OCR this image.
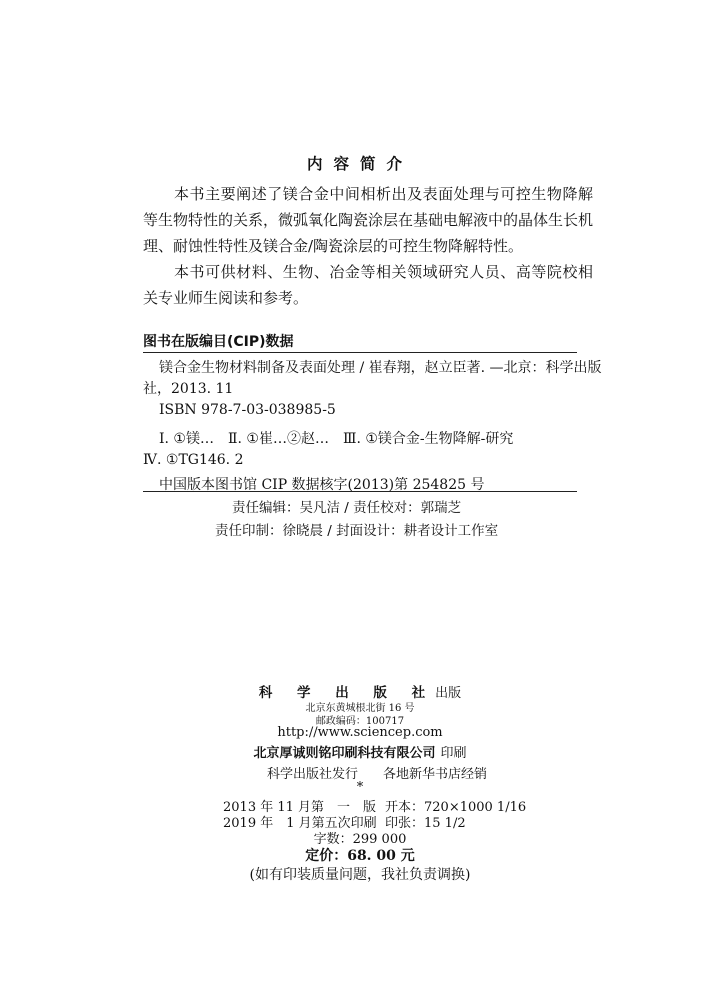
内容简介

本书主要阐述了镁合金中间相析出及表面处理与可控生物降解等生物特性的关系，微弧氧化陶瓷涂层在基础电解液中的晶体生长机理、耐蚀性特性及镁合金/陶瓷涂层的可控生物降解特性。

本书可供材料、生物、冶金等相关领域研究人员、高等院校相关专业师生阅读和参考。

图书在版编目(CIP)数据
镁合金生物材料制备及表面处理 / 崔春翔，赵立臣著. —北京：科学出版
社，2013. 11
ISBN 978-7-03-038985-5
Ⅰ. ①镁…　Ⅱ. ①崔…②赵…　Ⅲ. ①镁合金-生物降解-研究
Ⅳ. ①TG146. 2
中国版本图书馆 CIP 数据核字(2013)第 254825 号
责任编辑：吴凡洁 / 责任校对：郭瑞芝
责任印制：徐晓晨 / 封面设计：耕者设计工作室
科 学 出 版 社出版
北京东黄城根北街 16 号
邮政编码：100717
http://www.sciencep.com
北京厚诚则铭印刷科技有限公司 印刷
科学出版社发行 各地新华书店经销
*
2013 年 11 月第　一　版 开本：720×1000 1/16
2019 年　1 月第五次印刷 印张：15 1/2
字数：299 000
定价：68. 00 元
(如有印装质量问题，我社负责调换)
